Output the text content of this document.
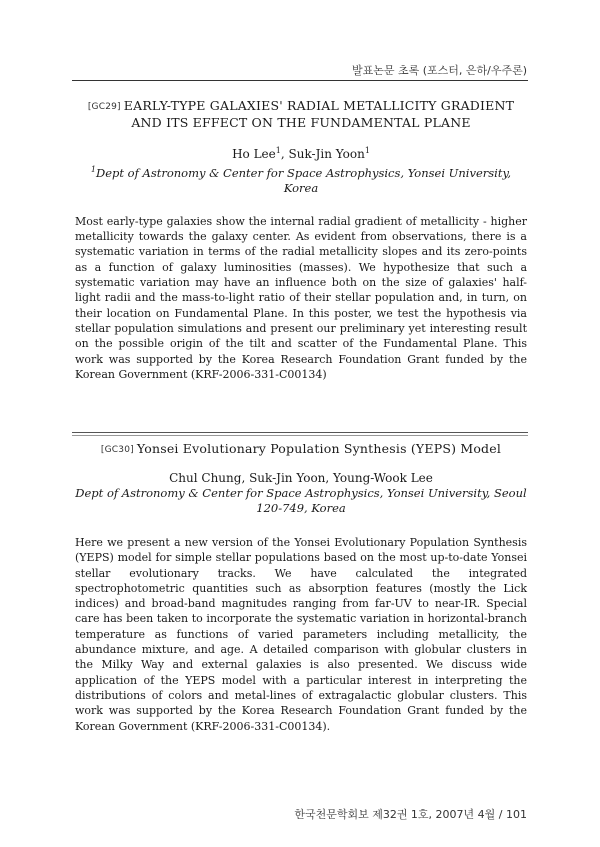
발표논문 초록 (포스터, 은하/우주론)
[GC29] EARLY-TYPE GALAXIES' RADIAL METALLICITY GRADIENT
AND ITS EFFECT ON THE FUNDAMENTAL PLANE
Ho Lee$^1$, Suk-Jin Yoon$^1$
$^1$Dept of Astronomy & Center for Space Astrophysics, Yonsei University, Korea

Most early-type galaxies show the internal radial gradient of metallicity - higher metallicity towards the galaxy center. As evident from observations, there is a systematic variation in terms of the radial metallicity slopes and its zero-points as a function of galaxy luminosities (masses). We hypothesize that such a systematic variation may have an influence both on the size of galaxies' half-light radii and the mass-to-light ratio of their stellar population and, in turn, on their location on Fundamental Plane. In this poster, we test the hypothesis via stellar population simulations and present our preliminary yet interesting result on the possible origin of the tilt and scatter of the Fundamental Plane. This work was supported by the Korea Research Foundation Grant funded by the Korean Government (KRF-2006-331-C00134)

[GC30] Yonsei Evolutionary Population Synthesis (YEPS) Model
Chul Chung, Suk-Jin Yoon, Young-Wook Lee
Dept of Astronomy & Center for Space Astrophysics, Yonsei University, Seoul
120-749, Korea

Here we present a new version of the Yonsei Evolutionary Population Synthesis (YEPS) model for simple stellar populations based on the most up-to-date Yonsei stellar evolutionary tracks. We have calculated the integrated spectrophotometric quantities such as absorption features (mostly the Lick indices) and broad-band magnitudes ranging from far-UV to near-IR. Special care has been taken to incorporate the systematic variation in horizontal-branch temperature as functions of varied parameters including metallicity, the abundance mixture, and age. A detailed comparison with globular clusters in the Milky Way and external galaxies is also presented. We discuss wide application of the YEPS model with a particular interest in interpreting the distributions of colors and metal-lines of extragalactic globular clusters. This work was supported by the Korea Research Foundation Grant funded by the Korean Government (KRF-2006-331-C00134).

한국천문학회보 제32권 1호, 2007년 4월 / 101
